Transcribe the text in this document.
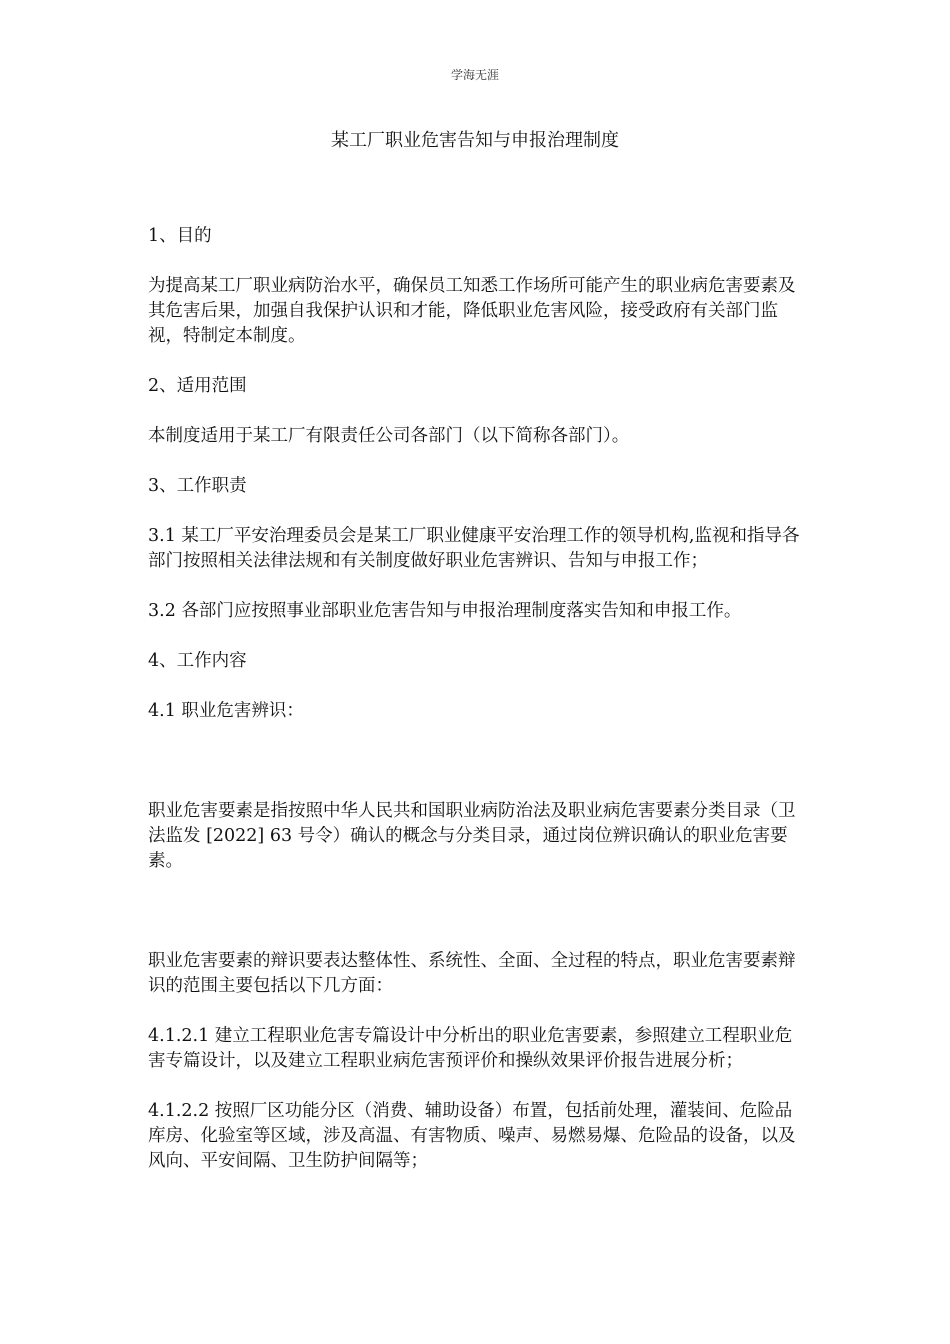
学海无涯
某工厂职业危害告知与申报治理制度

1、目的

为提高某工厂职业病防治水平，确保员工知悉工作场所可能产生的职业病危害要素及其危害后果，加强自我保护认识和才能，降低职业危害风险，接受政府有关部门监视，特制定本制度。

2、适用范围

本制度适用于某工厂有限责任公司各部门（以下简称各部门）。

3、工作职责

3.1 某工厂平安治理委员会是某工厂职业健康平安治理工作的领导机构,监视和指导各部门按照相关法律法规和有关制度做好职业危害辨识、告知与申报工作；

3.2 各部门应按照事业部职业危害告知与申报治理制度落实告知和申报工作。

4、工作内容

4.1 职业危害辨识：

职业危害要素是指按照中华人民共和国职业病防治法及职业病危害要素分类目录（卫法监发 [2022] 63 号令）确认的概念与分类目录，通过岗位辨识确认的职业危害要素。

职业危害要素的辩识要表达整体性、系统性、全面、全过程的特点，职业危害要素辩识的范围主要包括以下几方面：

4.1.2.1 建立工程职业危害专篇设计中分析出的职业危害要素，参照建立工程职业危害专篇设计，以及建立工程职业病危害预评价和操纵效果评价报告进展分析；

4.1.2.2 按照厂区功能分区（消费、辅助设备）布置，包括前处理，灌装间、危险品库房、化验室等区域，涉及高温、有害物质、噪声、易燃易爆、危险品的设备，以及风向、平安间隔、卫生防护间隔等；
